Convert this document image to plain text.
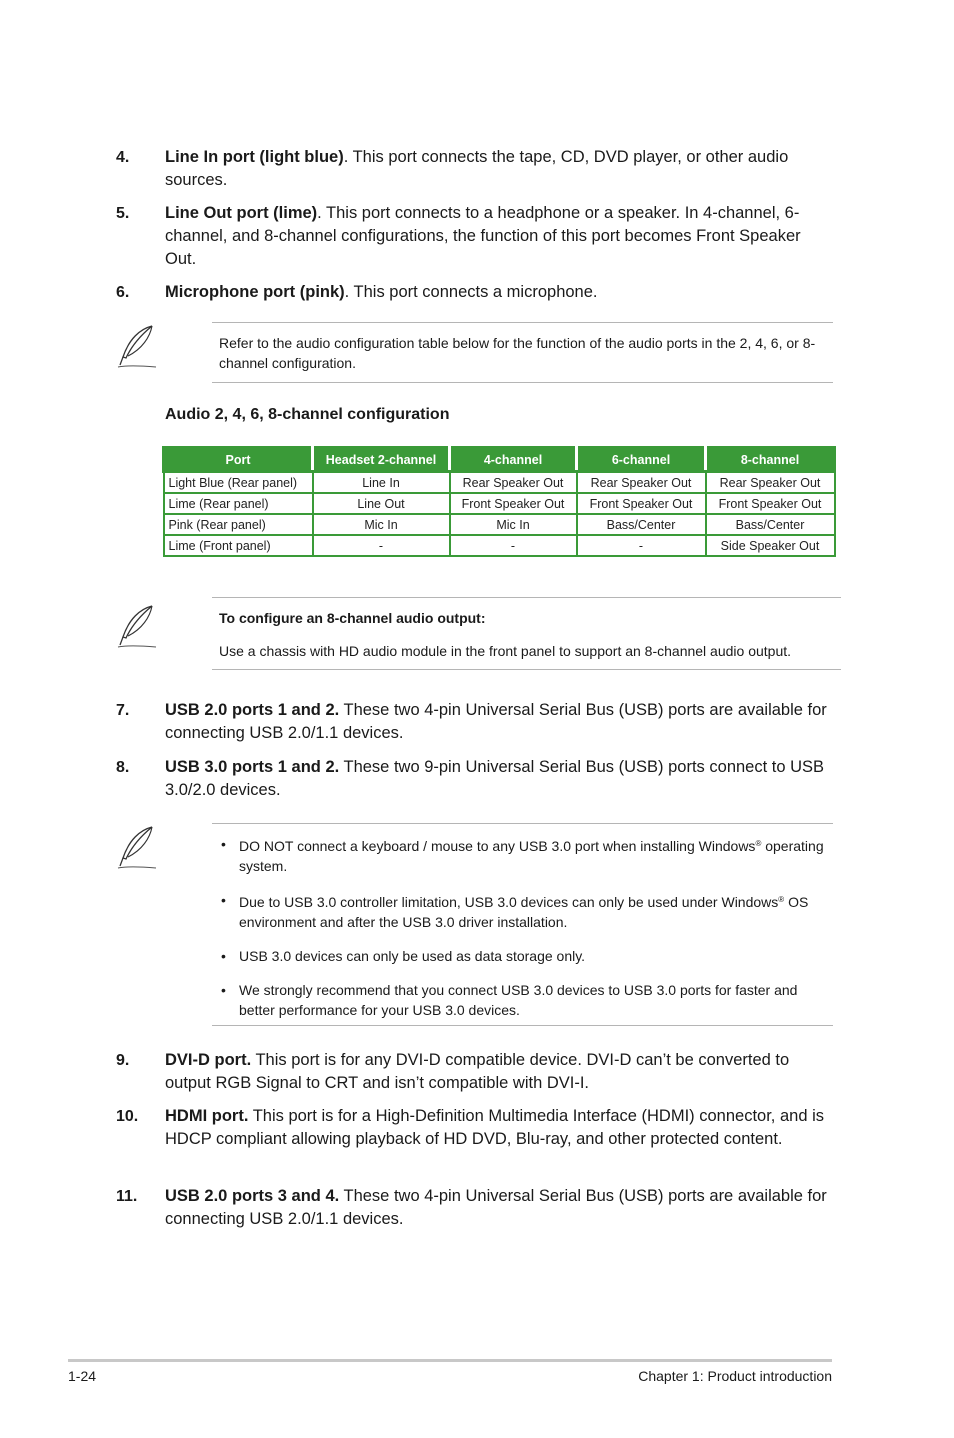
4. Line In port (light blue). This port connects the tape, CD, DVD player, or other audio sources.
5. Line Out port (lime). This port connects to a headphone or a speaker. In 4-channel, 6-channel, and 8-channel configurations, the function of this port becomes Front Speaker Out.
6. Microphone port (pink). This port connects a microphone.
Refer to the audio configuration table below for the function of the audio ports in the 2, 4, 6, or 8-channel configuration.
Audio 2, 4, 6, 8-channel configuration
Port	Headset 2-channel	4-channel	6-channel	8-channel
Light Blue (Rear panel)	Line In	Rear Speaker Out	Rear Speaker Out	Rear Speaker Out
Lime (Rear panel)	Line Out	Front Speaker Out	Front Speaker Out	Front Speaker Out
Pink (Rear panel)	Mic In	Mic In	Bass/Center	Bass/Center
Lime (Front panel)	-	-	-	Side Speaker Out
To configure an 8-channel audio output:
Use a chassis with HD audio module in the front panel to support an 8-channel audio output.
7. USB 2.0 ports 1 and 2. These two 4-pin Universal Serial Bus (USB) ports are available for connecting USB 2.0/1.1 devices.
8. USB 3.0 ports 1 and 2. These two 9-pin Universal Serial Bus (USB) ports connect to USB 3.0/2.0 devices.
• DO NOT connect a keyboard / mouse to any USB 3.0 port when installing Windows® operating system.
• Due to USB 3.0 controller limitation, USB 3.0 devices can only be used under Windows® OS environment and after the USB 3.0 driver installation.
• USB 3.0 devices can only be used as data storage only.
• We strongly recommend that you connect USB 3.0 devices to USB 3.0 ports for faster and better performance for your USB 3.0 devices.
9. DVI-D port. This port is for any DVI-D compatible device. DVI-D can’t be converted to output RGB Signal to CRT and isn’t compatible with DVI-I.
10. HDMI port. This port is for a High-Definition Multimedia Interface (HDMI) connector, and is HDCP compliant allowing playback of HD DVD, Blu-ray, and other protected content.
11. USB 2.0 ports 3 and 4. These two 4-pin Universal Serial Bus (USB) ports are available for connecting USB 2.0/1.1 devices.
1-24	Chapter 1: Product introduction
